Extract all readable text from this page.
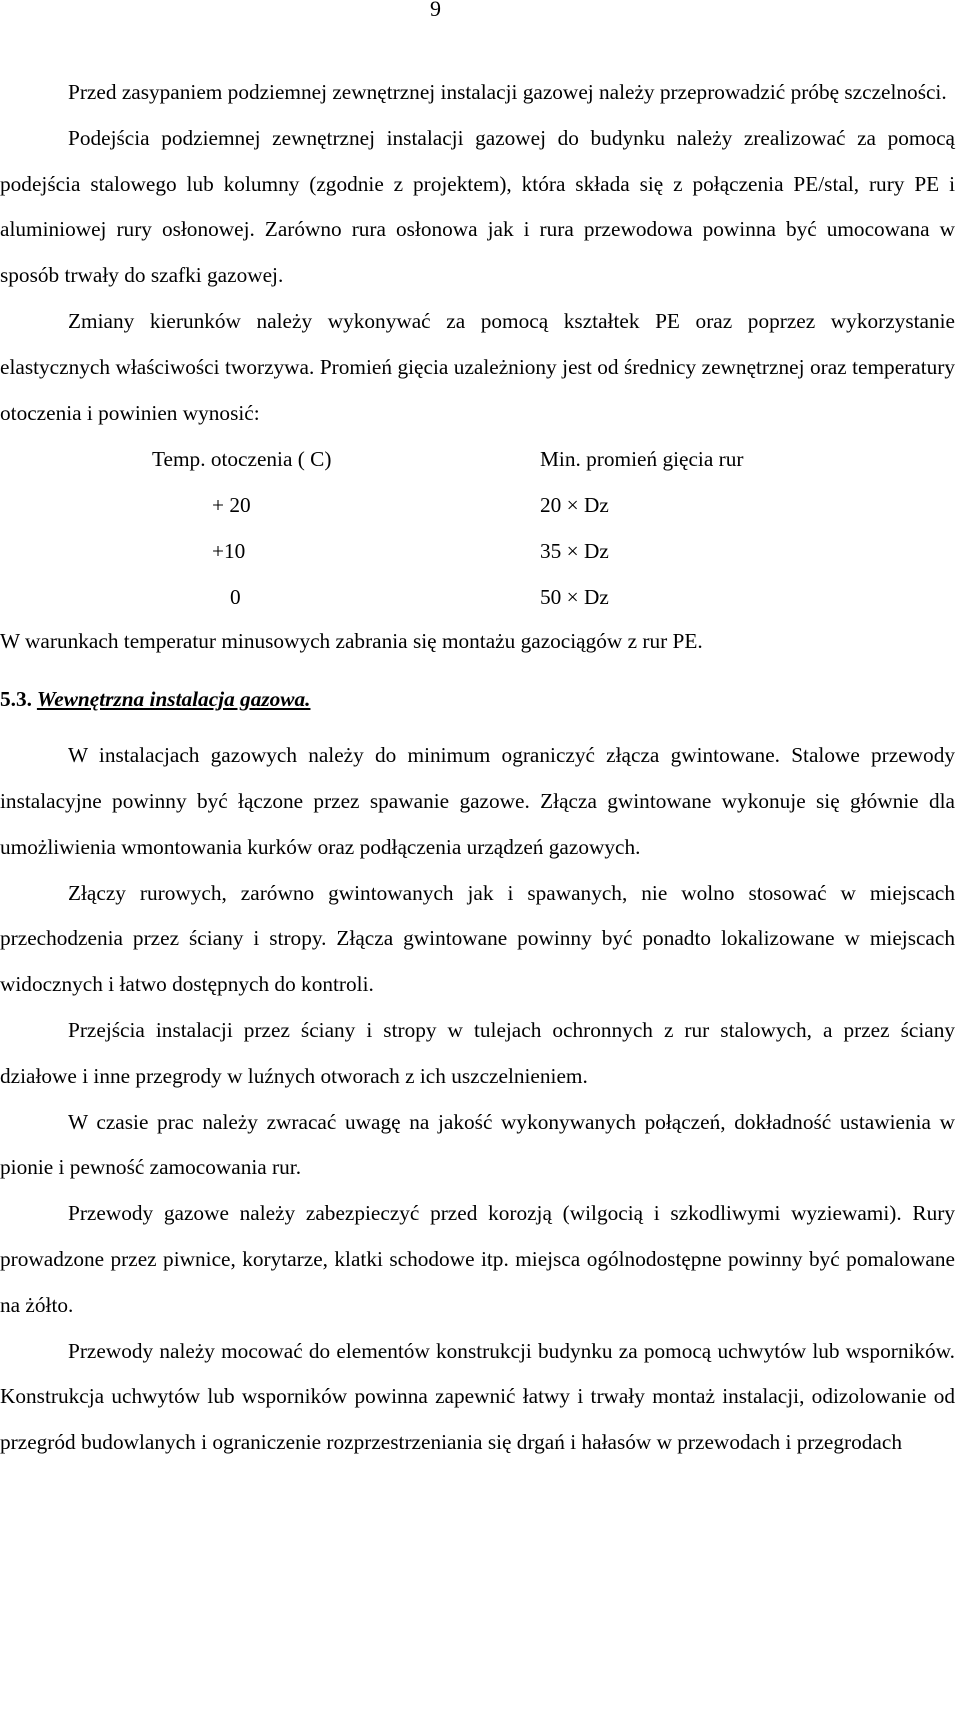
9

Przed zasypaniem podziemnej zewnętrznej instalacji gazowej należy przeprowadzić próbę szczelności.

Podejścia podziemnej zewnętrznej instalacji gazowej do budynku należy zrealizować za pomocą podejścia stalowego lub kolumny (zgodnie z projektem), która składa się z połączenia PE/stal, rury PE i aluminiowej rury osłonowej. Zarówno rura osłonowa jak i rura przewodowa powinna być umocowana w sposób trwały do szafki gazowej.

Zmiany kierunków należy wykonywać za pomocą kształtek PE oraz poprzez wykorzystanie elastycznych właściwości tworzywa. Promień gięcia uzależniony jest od średnicy zewnętrznej oraz temperatury otoczenia i powinien wynosić:

Temp. otoczenia ( C)	Min. promień gięcia rur
+ 20	20 × Dz
+10	35 × Dz
0	50 × Dz

W warunkach temperatur minusowych zabrania się montażu gazociągów z rur PE.

5.3. Wewnętrzna instalacja gazowa.

W instalacjach gazowych należy do minimum ograniczyć złącza gwintowane. Stalowe przewody instalacyjne powinny być łączone przez spawanie gazowe. Złącza gwintowane wykonuje się głównie dla umożliwienia wmontowania kurków oraz podłączenia urządzeń gazowych.

Złączy rurowych, zarówno gwintowanych jak i spawanych, nie wolno stosować w miejscach przechodzenia przez ściany i stropy. Złącza gwintowane powinny być ponadto lokalizowane w miejscach widocznych i łatwo dostępnych do kontroli.

Przejścia instalacji przez ściany i stropy w tulejach ochronnych z rur stalowych, a przez ściany działowe i inne przegrody w luźnych otworach z ich uszczelnieniem.

W czasie prac należy zwracać uwagę na jakość wykonywanych połączeń, dokładność ustawienia w pionie i pewność zamocowania rur.

Przewody gazowe należy zabezpieczyć przed korozją (wilgocią i szkodliwymi wyziewami). Rury prowadzone przez piwnice, korytarze, klatki schodowe itp. miejsca ogólnodostępne powinny być pomalowane na żółto.

Przewody należy mocować do elementów konstrukcji budynku za pomocą uchwytów lub wsporników. Konstrukcja uchwytów lub wsporników powinna zapewnić łatwy i trwały montaż instalacji, odizolowanie od przegród budowlanych i ograniczenie rozprzestrzeniania się drgań i hałasów w przewodach i przegrodach
